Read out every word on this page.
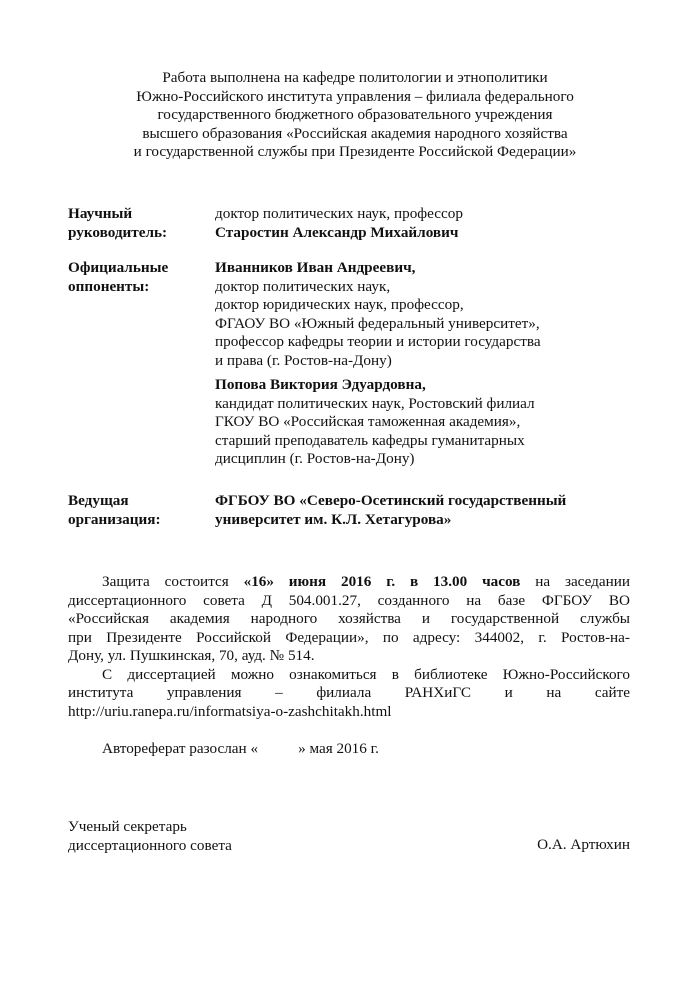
Работа выполнена на кафедре политологии и этнополитики
Южно-Российского института управления – филиала федерального
государственного бюджетного образовательного учреждения
высшего образования «Российская академия народного хозяйства
и государственной службы при Президенте Российской Федерации»
Научный
руководитель:
доктор политических наук, профессор
Старостин Александр Михайлович
Официальные
оппоненты:
Иванников Иван Андреевич,
доктор политических наук,
доктор юридических наук, профессор,
ФГАОУ ВО «Южный федеральный университет»,
профессор кафедры теории и истории государства
и права (г. Ростов-на-Дону)
Попова Виктория Эдуардовна,
кандидат политических наук, Ростовский филиал
ГКОУ ВО «Российская таможенная академия»,
старший преподаватель кафедры гуманитарных
дисциплин (г. Ростов-на-Дону)
Ведущая
организация:
ФГБОУ ВО «Северо-Осетинский государственный
университет им. К.Л. Хетагурова»
Защита состоится «16» июня 2016 г. в 13.00 часов на заседании
диссертационного совета Д 504.001.27, созданного на базе ФГБОУ ВО
«Российская академия народного хозяйства и государственной службы
при Президенте Российской Федерации», по адресу: 344002, г. Ростов-на-
Дону, ул. Пушкинская, 70, ауд. № 514.
С диссертацией можно ознакомиться в библиотеке Южно-Российского
института управления – филиала РАНХиГС и на сайте
http://uriu.ranepa.ru/informatsiya-o-zashchitakh.html
Автореферат разослан «	» мая 2016 г.
Ученый секретарь
диссертационного совета	О.А. Артюхин
